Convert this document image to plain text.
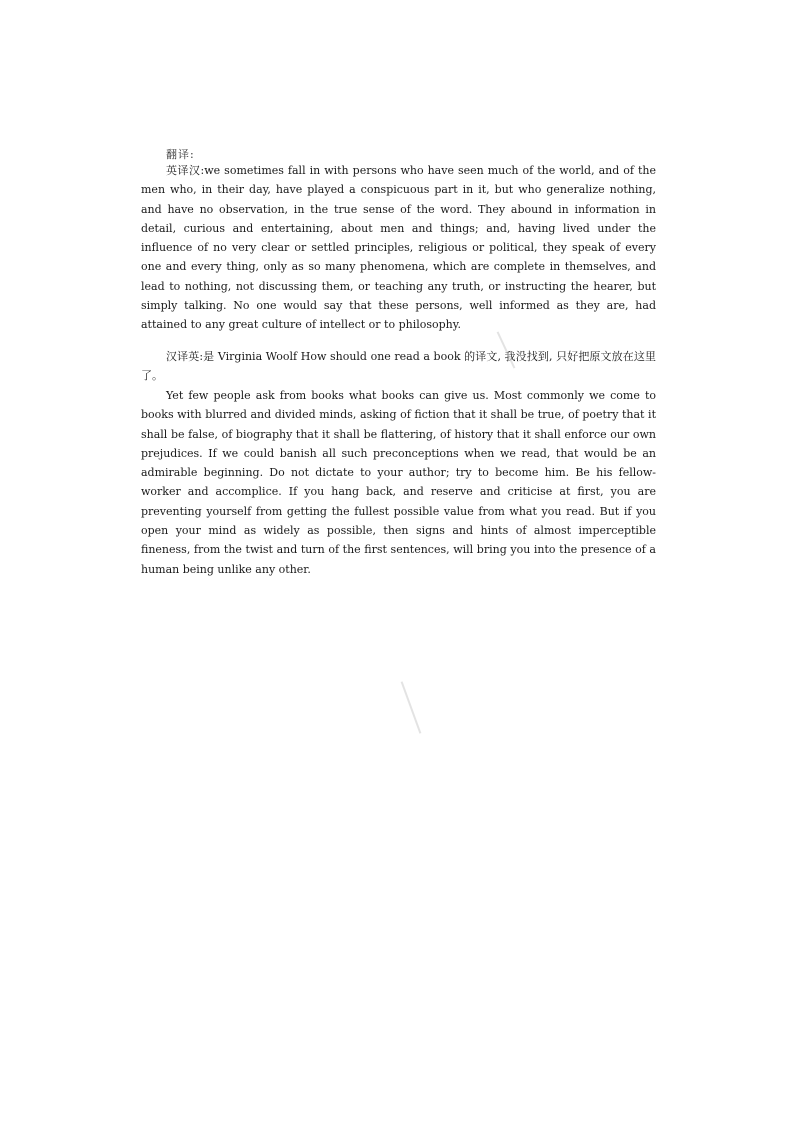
翻译:

英译汉:we sometimes fall in with persons who have seen much of the world, and of the men who, in their day, have played a conspicuous part in it, but who generalize nothing, and have no observation, in the true sense of the word. They abound in information in detail, curious and entertaining, about men and things; and, having lived under the influence of no very clear or settled principles, religious or political, they speak of every one and every thing, only as so many phenomena, which are complete in themselves, and lead to nothing, not discussing them, or teaching any truth, or instructing the hearer, but simply talking. No one would say that these persons, well informed as they are, had attained to any great culture of intellect or to philosophy.

汉译英:是 Virginia Woolf How should one read a book 的译文, 我没找到, 只好把原文放在这里了。

Yet few people ask from books what books can give us. Most commonly we come to books with blurred and divided minds, asking of fiction that it shall be true, of poetry that it shall be false, of biography that it shall be flattering, of history that it shall enforce our own prejudices. If we could banish all such preconceptions when we read, that would be an admirable beginning. Do not dictate to your author; try to become him. Be his fellow-worker and accomplice. If you hang back, and reserve and criticise at first, you are preventing yourself from getting the fullest possible value from what you read. But if you open your mind as widely as possible, then signs and hints of almost imperceptible fineness, from the twist and turn of the first sentences, will bring you into the presence of a human being unlike any other.
